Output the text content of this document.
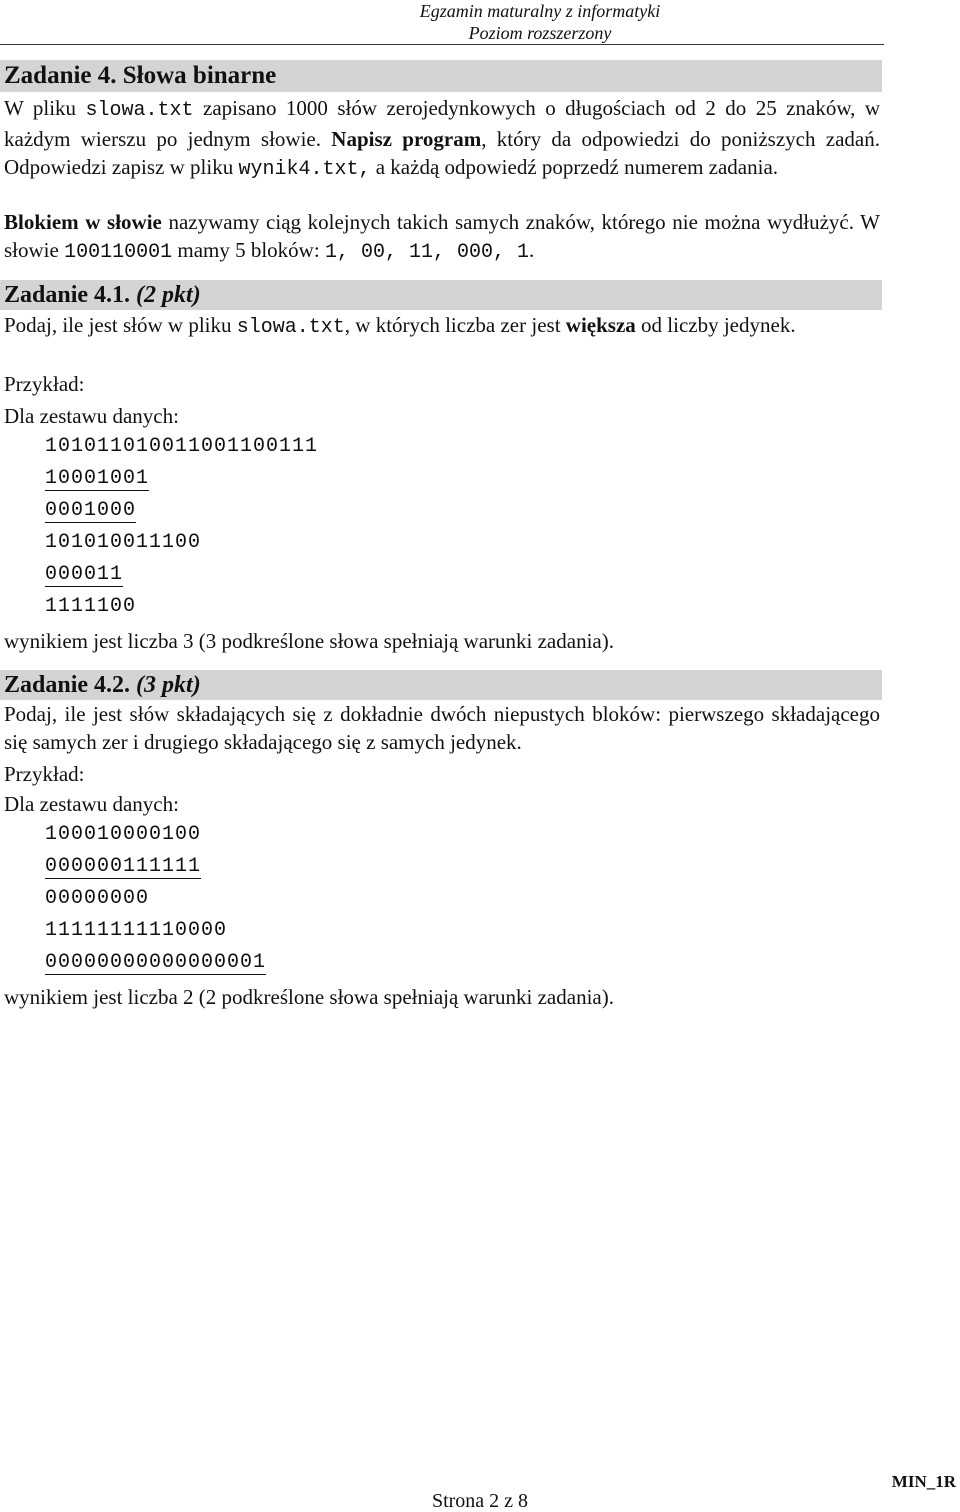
Egzamin maturalny z informatyki
Poziom rozszerzony
Zadanie 4. Słowa binarne
W pliku slowa.txt zapisano 1000 słów zerojedynkowych o długościach od 2 do 25 znaków, w każdym wierszu po jednym słowie. Napisz program, który da odpowiedzi do poniższych zadań. Odpowiedzi zapisz w pliku wynik4.txt, a każdą odpowiedź poprzedź numerem zadania.
Blokiem w słowie nazywamy ciąg kolejnych takich samych znaków, którego nie można wydłużyć. W słowie 100110001 mamy 5 bloków: 1, 00, 11, 000, 1.
Zadanie 4.1. (2 pkt)
Podaj, ile jest słów w pliku slowa.txt, w których liczba zer jest większa od liczby jedynek.
Przykład:
Dla zestawu danych:
101011010011001100111
10001001
0001000
101010011100
000011
1111100
wynikiem jest liczba 3 (3 podkreślone słowa spełniają warunki zadania).
Zadanie 4.2. (3 pkt)
Podaj, ile jest słów składających się z dokładnie dwóch niepustych bloków: pierwszego składającego się samych zer i drugiego składającego się z samych jedynek.
Przykład:
Dla zestawu danych:
100010000100
000000111111
00000000
11111111110000
00000000000000001
wynikiem jest liczba 2 (2 podkreślone słowa spełniają warunki zadania).
Strona 2 z 8
MIN_1R
